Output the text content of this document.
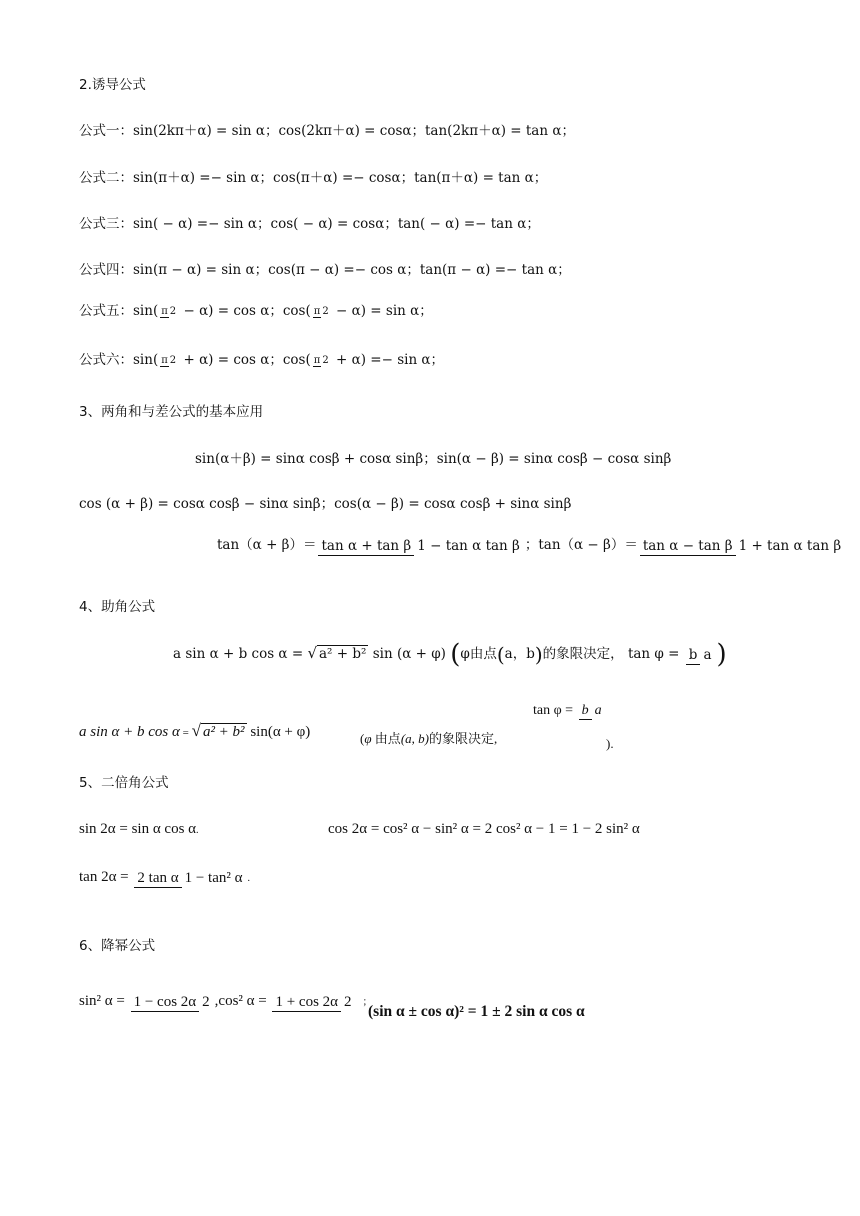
2.诱导公式
公式一：sin(2kπ＋α) = sin α；cos(2kπ＋α) = cosα；tan(2kπ＋α) = tan α；
公式二：sin(π＋α) =− sin α；cos(π＋α) =− cosα；tan(π＋α) = tan α；
公式三：sin( − α) =− sin α；cos( − α) = cosα；tan( − α) =− tan α；
公式四：sin(π − α) = sin α；cos(π − α) =− cos α；tan(π − α) =− tan α；
公式五：sin( π 2 − α) = cos α；cos( π 2 − α) = sin α；
公式六：sin( π 2 + α) = cos α；cos( π 2 + α) =− sin α；
3、两角和与差公式的基本应用
sin(α＋β) = sinα cosβ + cosα sinβ；sin(α − β) = sinα cosβ − cosα sinβ
cos (α + β) = cosα cosβ − sinα sinβ；cos(α − β) = cosα cosβ + sinα sinβ
tan（α + β）＝ tan α + tan β 1 − tan α tan β ；tan（α − β）＝ tan α − tan β 1 + tan α tan β
4、助角公式
a sin α + b cos α = √ a² + b² sin (α + φ) (φ由点(a，b)的象限决定， tan φ = b a )
a sin α + b cos α = √ a² + b² sin(α + φ)	(φ 由点(a, b)的象限决定,
tan φ = b a
).
5、二倍角公式
sin 2α = sin α cos α.	cos 2α = cos² α − sin² α = 2 cos² α − 1 = 1 − 2 sin² α
tan 2α = 2 tan α 1 − tan² α .
6、降幂公式
sin² α = 1 − cos 2α 2 ,cos² α = 1 + cos 2α 2 ；
(sin α ± cos α)² = 1 ± 2 sin α cos α
